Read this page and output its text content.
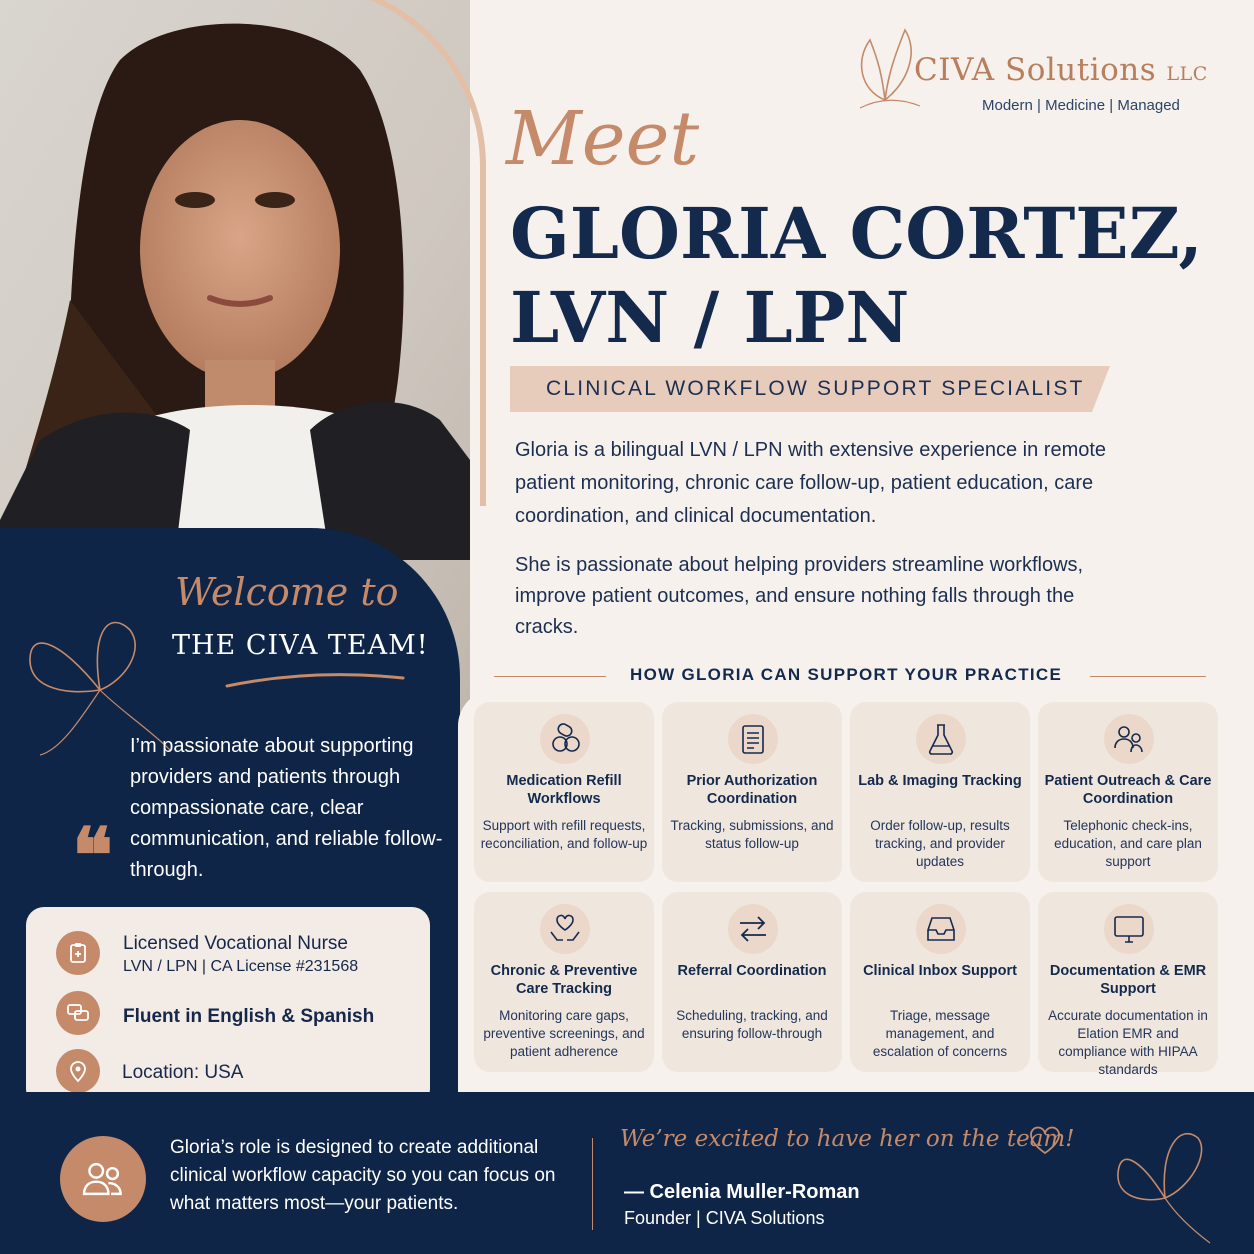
CIVA Solutions LLC
Modern | Medicine | Managed
Meet
GLORIA CORTEZ,
LVN / LPN
CLINICAL WORKFLOW SUPPORT SPECIALIST
Gloria is a bilingual LVN / LPN with extensive experience in remote patient monitoring, chronic care follow-up, patient education, care coordination, and clinical documentation.
She is passionate about helping providers streamline workflows, improve patient outcomes, and ensure nothing falls through the cracks.
Welcome to
THE CIVA TEAM!
❝
I’m passionate about supporting providers and patients through compassionate care, clear communication, and reliable follow-through.
Licensed Vocational Nurse
LVN / LPN | CA License #231568
Fluent in English & Spanish
Location: USA
HOW GLORIA CAN SUPPORT YOUR PRACTICE
Medication Refill Workflows
Support with refill requests, reconciliation, and follow-up
Prior Authorization Coordination
Tracking, submissions, and status follow-up
Lab & Imaging Tracking
Order follow-up, results tracking, and provider updates
Patient Outreach & Care Coordination
Telephonic check-ins, education, and care plan support
Chronic & Preventive Care Tracking
Monitoring care gaps, preventive screenings, and patient adherence
Referral Coordination
Scheduling, tracking, and ensuring follow-through
Clinical Inbox Support
Triage, message management, and escalation of concerns
Documentation & EMR Support
Accurate documentation in Elation EMR and compliance with HIPAA standards
Gloria’s role is designed to create additional clinical workflow capacity so you can focus on what matters most—your patients.
We’re excited to have her on the team!
— Celenia Muller-Roman
Founder | CIVA Solutions
